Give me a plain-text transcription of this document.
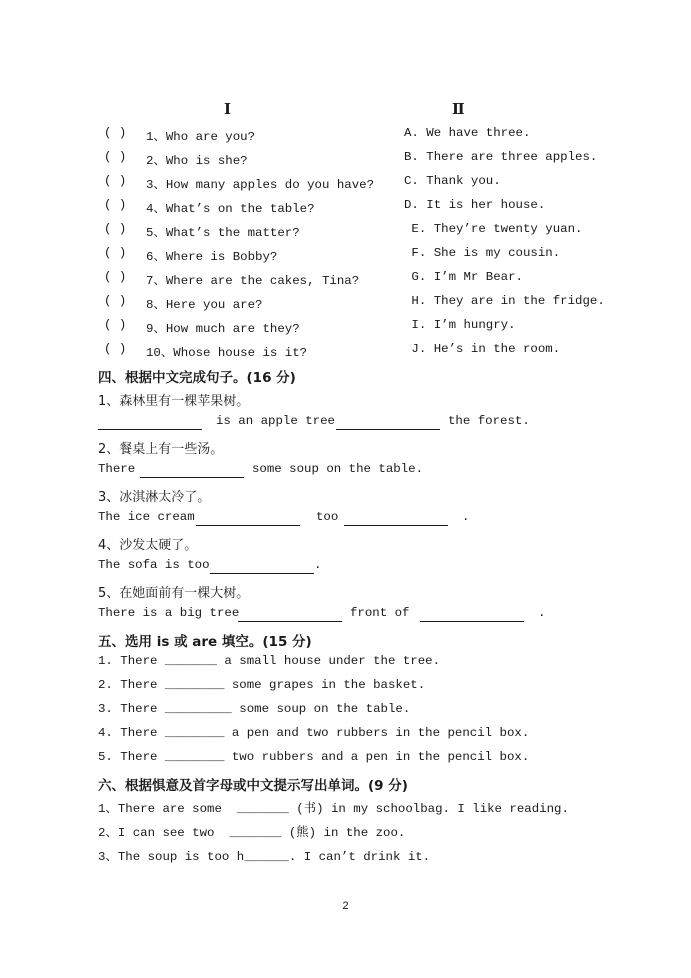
Ⅰ	Ⅱ
( ) 1、Who are you?	A. We have three.
( ) 2、Who is she?	B. There are three apples.
( ) 3、How many apples do you have? C. Thank you.
( ) 4、What’s on the table?	D. It is her house.
( ) 5、What’s the matter?	E. They’re twenty yuan.
( ) 6、Where is Bobby?	F. She is my cousin.
( ) 7、Where are the cakes, Tina?	G. I’m Mr Bear.
( ) 8、Here you are?	H. They are in the fridge.
( ) 9、How much are they?	I. I’m hungry.
( ) 10、Whose house is it?	J. He’s in the room.
四、根据中文完成句子。(16 分)
1、森林里有一棵苹果树。
is an apple tree	the forest.
2、餐桌上有一些汤。
There	some soup on the table.
3、冰淇淋太冷了。
The ice cream	too	.
4、沙发太硬了。
The sofa is too	.
5、在她面前有一棵大树。
There is a big tree	front of	.
五、选用 is 或 are 填空。(15 分)
1. There _______ a small house under the tree.
2. There ________ some grapes in the basket.
3. There _________ some soup on the table.
4. There ________ a pen and two rubbers in the pencil box.
5. There ________ two rubbers and a pen in the pencil box.
六、根据惧意及首字母或中文提示写出单词。(9 分)
1、There are some  _______ (书) in my schoolbag. I like reading.
2、I can see two  _______ (熊) in the zoo.
3、The soup is too h______. I can’t drink it.
2
